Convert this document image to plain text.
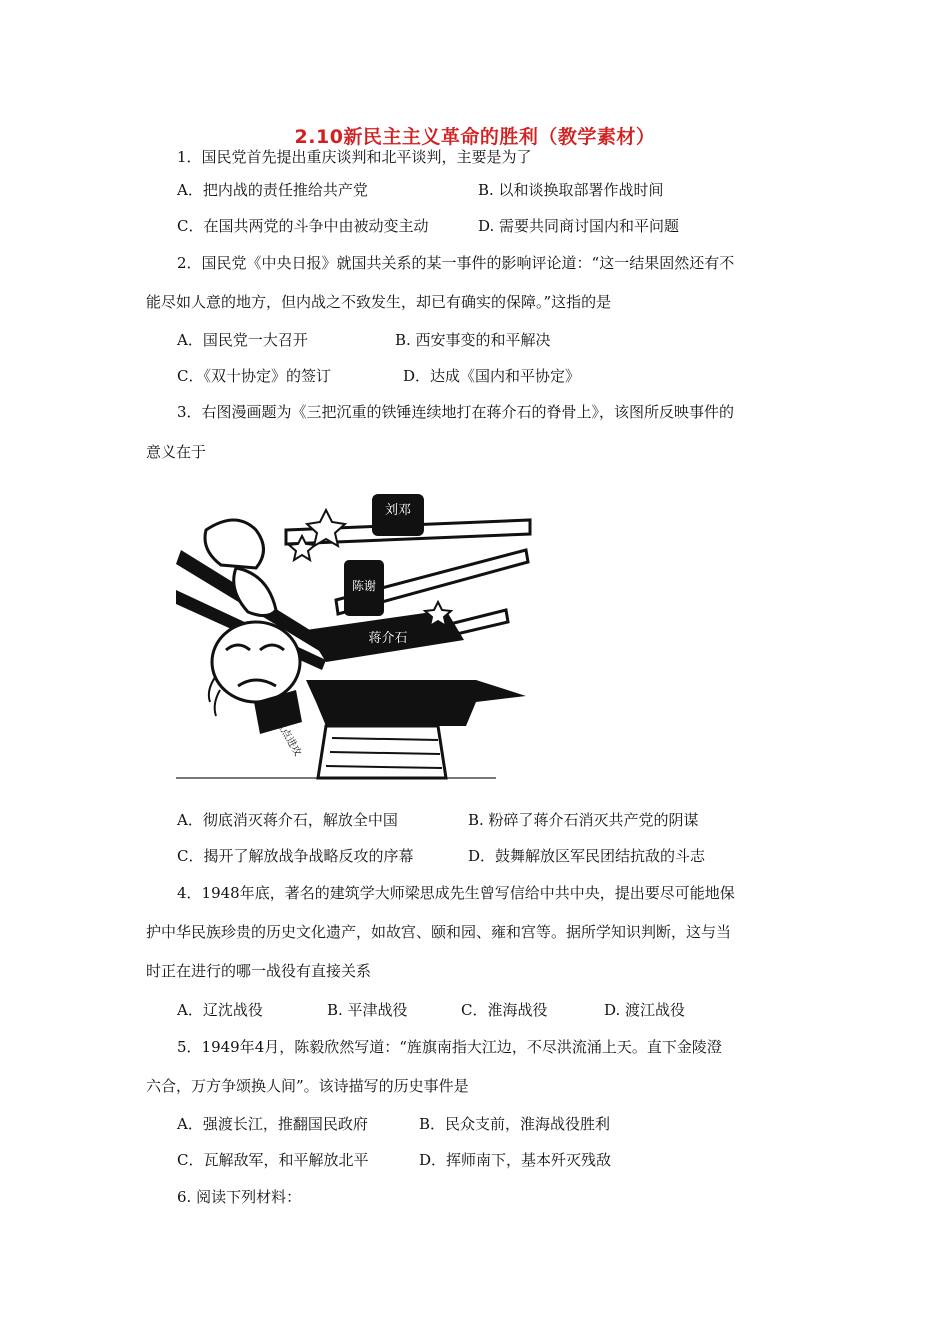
2.10新民主主义革命的胜利（教学素材）
1．国民党首先提出重庆谈判和北平谈判，主要是为了
A．把内战的责任推给共产党	B. 以和谈换取部署作战时间
C．在国共两党的斗争中由被动变主动	D. 需要共同商讨国内和平问题
2．国民党《中央日报》就国共关系的某一事件的影响评论道：“这一结果固然还有不
能尽如人意的地方，但内战之不致发生，却已有确实的保障。”这指的是
A．国民党一大召开	B. 西安事变的和平解决
C．《双十协定》的签订	D．达成《国内和平协定》
3．右图漫画题为《三把沉重的铁锤连续地打在蒋介石的脊骨上》，该图所反映事件的
意义在于
刘邓
陈谢
蒋介石
重点进攻
A．彻底消灭蒋介石，解放全中国	B. 粉碎了蒋介石消灭共产党的阴谋
C．揭开了解放战争战略反攻的序幕	D．鼓舞解放区军民团结抗敌的斗志
4．1948年底，著名的建筑学大师梁思成先生曾写信给中共中央，提出要尽可能地保
护中华民族珍贵的历史文化遗产，如故宫、颐和园、雍和宫等。据所学知识判断，这与当
时正在进行的哪一战役有直接关系
A．辽沈战役	B. 平津战役	C．淮海战役	D. 渡江战役
5．1949年4月，陈毅欣然写道：“旌旗南指大江边，不尽洪流涌上天。直下金陵澄
六合，万方争颂换人间”。该诗描写的历史事件是
A．强渡长江，推翻国民政府	B．民众支前，淮海战役胜利
C．瓦解敌军，和平解放北平	D．挥师南下，基本歼灭残敌
6. 阅读下列材料：
